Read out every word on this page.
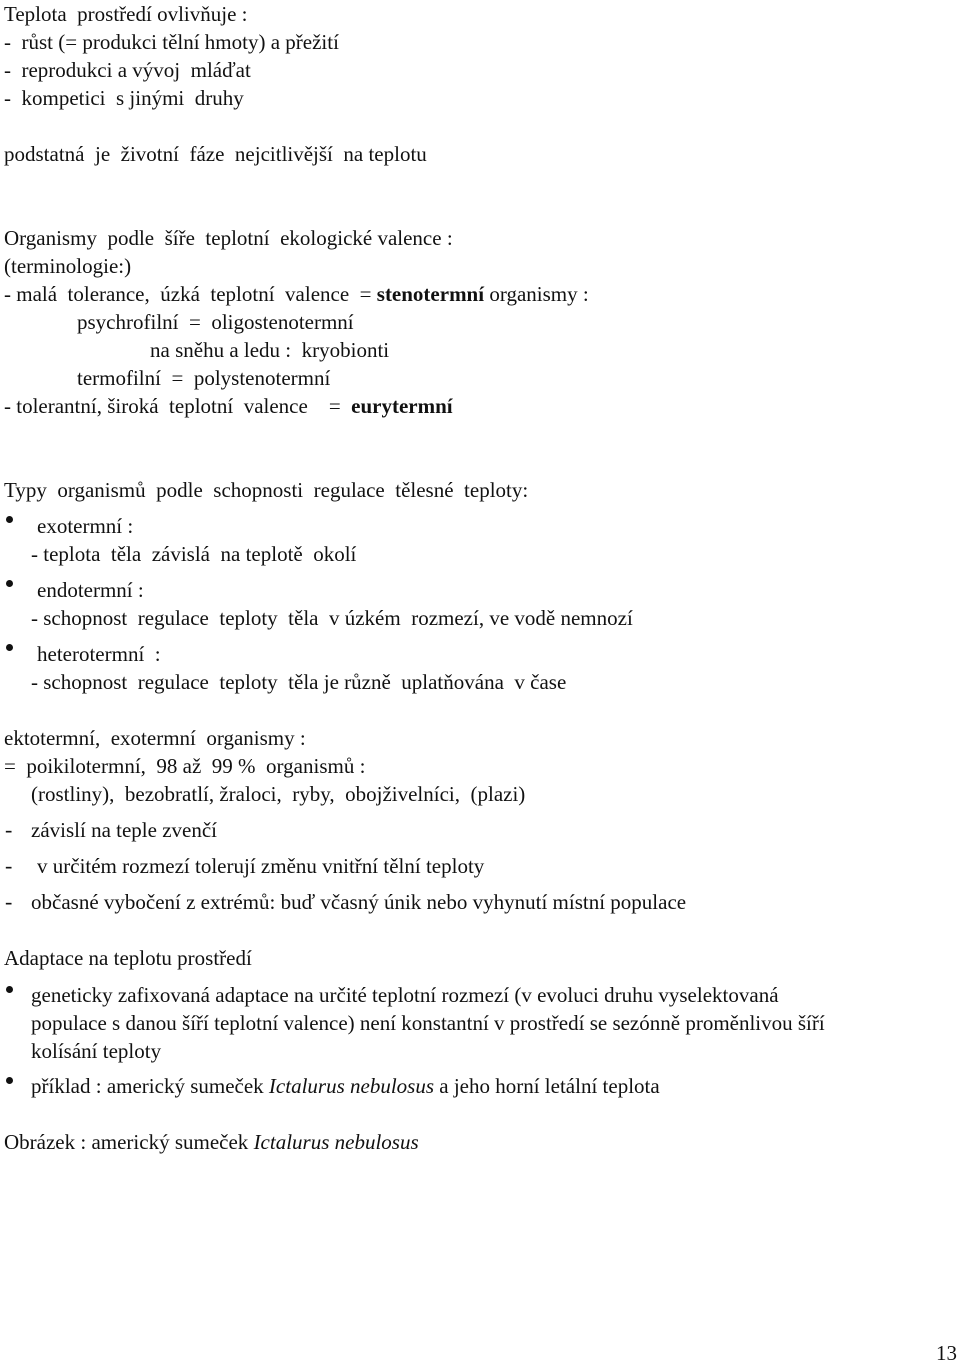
Teplota  prostředí ovlivňuje :
-  růst (= produkci tělní hmoty) a přežití
-  reprodukci a vývoj  mláďat
-  kompetici  s jinými  druhy
podstatná  je  životní  fáze  nejcitlivější  na teplotu
Organismy  podle  šíře  teplotní  ekologické valence :
(terminologie:)
- malá  tolerance,  úzká  teplotní  valence  = stenotermní organismy :
psychrofilní  =  oligostenotermní
na sněhu a ledu :  kryobionti
termofilní  =  polystenotermní
- tolerantní, široká  teplotní  valence    =  eurytermní
Typy  organismů  podle  schopnosti  regulace  tělesné  teploty:
exotermní :
- teplota  těla  závislá  na teplotě  okolí
endotermní :
- schopnost  regulace  teploty  těla  v úzkém  rozmezí, ve vodě nemnozí
heterotermní  :
- schopnost  regulace  teploty  těla je různě  uplatňována  v čase
ektotermní,  exotermní  organismy :
=  poikilotermní,  98 až  99 %  organismů :
(rostliny),  bezobratlí, žraloci,  ryby,  obojživelníci,  (plazi)
- závislí na teple zvenčí
- v určitém rozmezí tolerují změnu vnitřní tělní teploty
- občasné vybočení z extrémů: buď včasný únik nebo vyhynutí místní populace
Adaptace na teplotu prostředí
geneticky zafixovaná adaptace na určité teplotní rozmezí (v evoluci druhu vyselektovaná
populace s danou šíří teplotní valence) není konstantní v prostředí se sezónně proměnlivou šíří
kolísání teploty
příklad : americký sumeček Ictalurus nebulosus a jeho horní letální teplota
Obrázek : americký sumeček Ictalurus nebulosus
13
